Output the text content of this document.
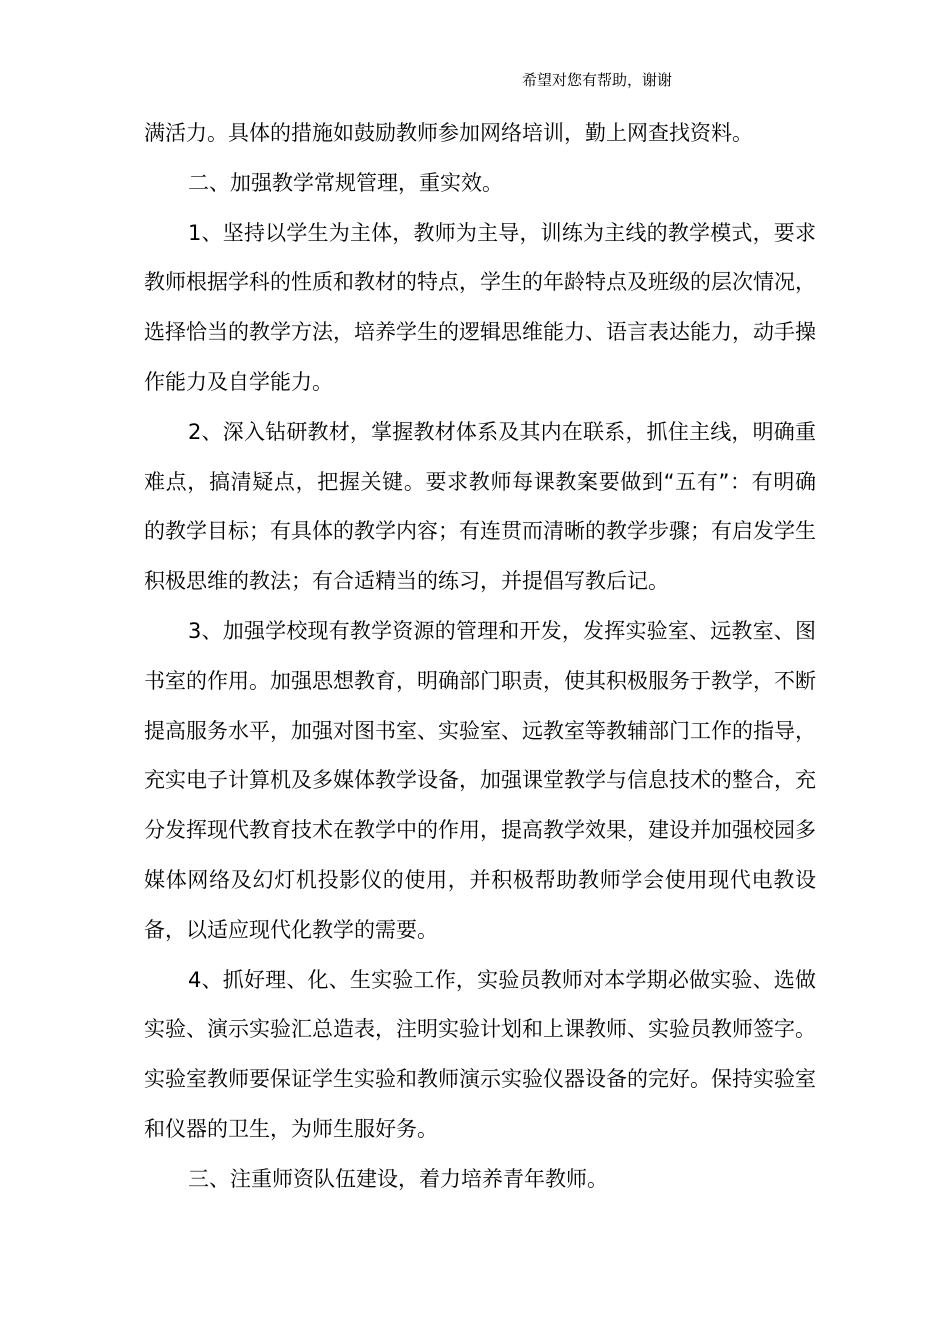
希望对您有帮助，谢谢

满活力。具体的措施如鼓励教师参加网络培训，勤上网查找资料。

二、加强教学常规管理，重实效。

1、坚持以学生为主体，教师为主导，训练为主线的教学模式，要求教师根据学科的性质和教材的特点，学生的年龄特点及班级的层次情况，选择恰当的教学方法，培养学生的逻辑思维能力、语言表达能力，动手操作能力及自学能力。

2、深入钻研教材，掌握教材体系及其内在联系，抓住主线，明确重难点，搞清疑点，把握关键。要求教师每课教案要做到“五有”：有明确的教学目标；有具体的教学内容；有连贯而清晰的教学步骤；有启发学生积极思维的教法；有合适精当的练习，并提倡写教后记。

3、加强学校现有教学资源的管理和开发，发挥实验室、远教室、图书室的作用。加强思想教育，明确部门职责，使其积极服务于教学，不断提高服务水平，加强对图书室、实验室、远教室等教辅部门工作的指导，充实电子计算机及多媒体教学设备，加强课堂教学与信息技术的整合，充分发挥现代教育技术在教学中的作用，提高教学效果，建设并加强校园多媒体网络及幻灯机投影仪的使用，并积极帮助教师学会使用现代电教设备，以适应现代化教学的需要。

4、抓好理、化、生实验工作，实验员教师对本学期必做实验、选做实验、演示实验汇总造表，注明实验计划和上课教师、实验员教师签字。实验室教师要保证学生实验和教师演示实验仪器设备的完好。保持实验室和仪器的卫生，为师生服好务。

三、注重师资队伍建设，着力培养青年教师。
